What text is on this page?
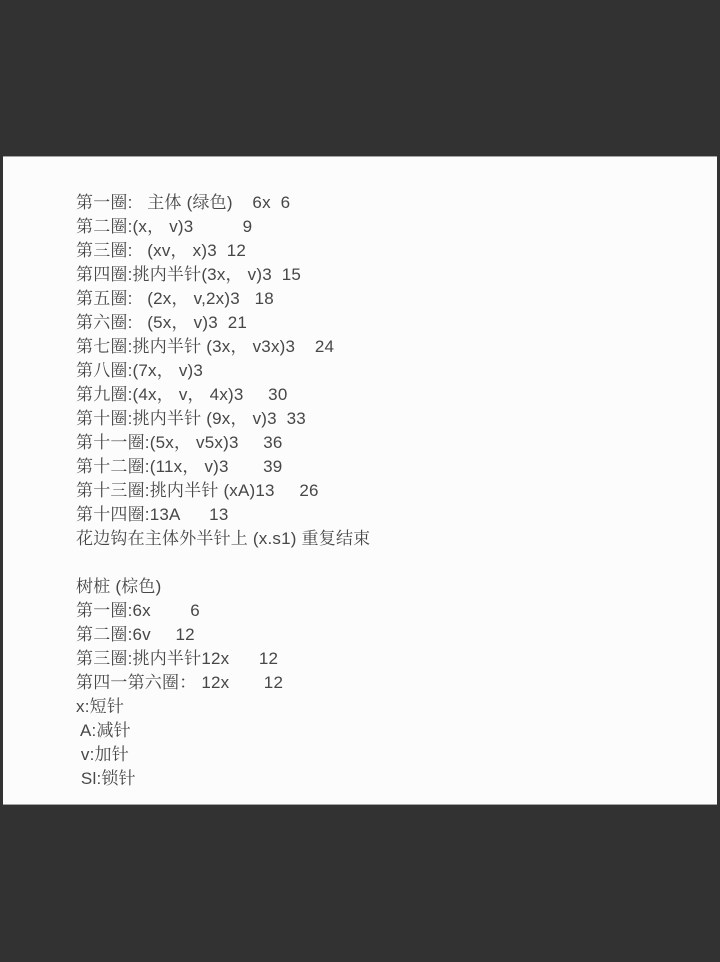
第一圈:   主体 (绿色)    6x  6
第二圈:(x， v)3          9
第三圈:   (xv， x)3  12
第四圈:挑内半针(3x， v)3  15
第五圈:   (2x， v,2x)3   18
第六圈:   (5x， v)3  21
第七圈:挑内半针 (3x， v3x)3    24
第八圈:(7x， v)3
第九圈:(4x， v， 4x)3     30
第十圈:挑内半针 (9x， v)3  33
第十一圈:(5x， v5x)3     36
第十二圈:(11x， v)3       39
第十三圈:挑内半针 (xA)13     26
第十四圈:13A      13
花边钩在主体外半针上 (x.s1) 重复结束
树桩 (棕色)
第一圈:6x        6
第二圈:6v     12
第三圈:挑内半针12x      12
第四一第六圈： 12x       12
x:短针
A:减针
v:加针
Sl:锁针
